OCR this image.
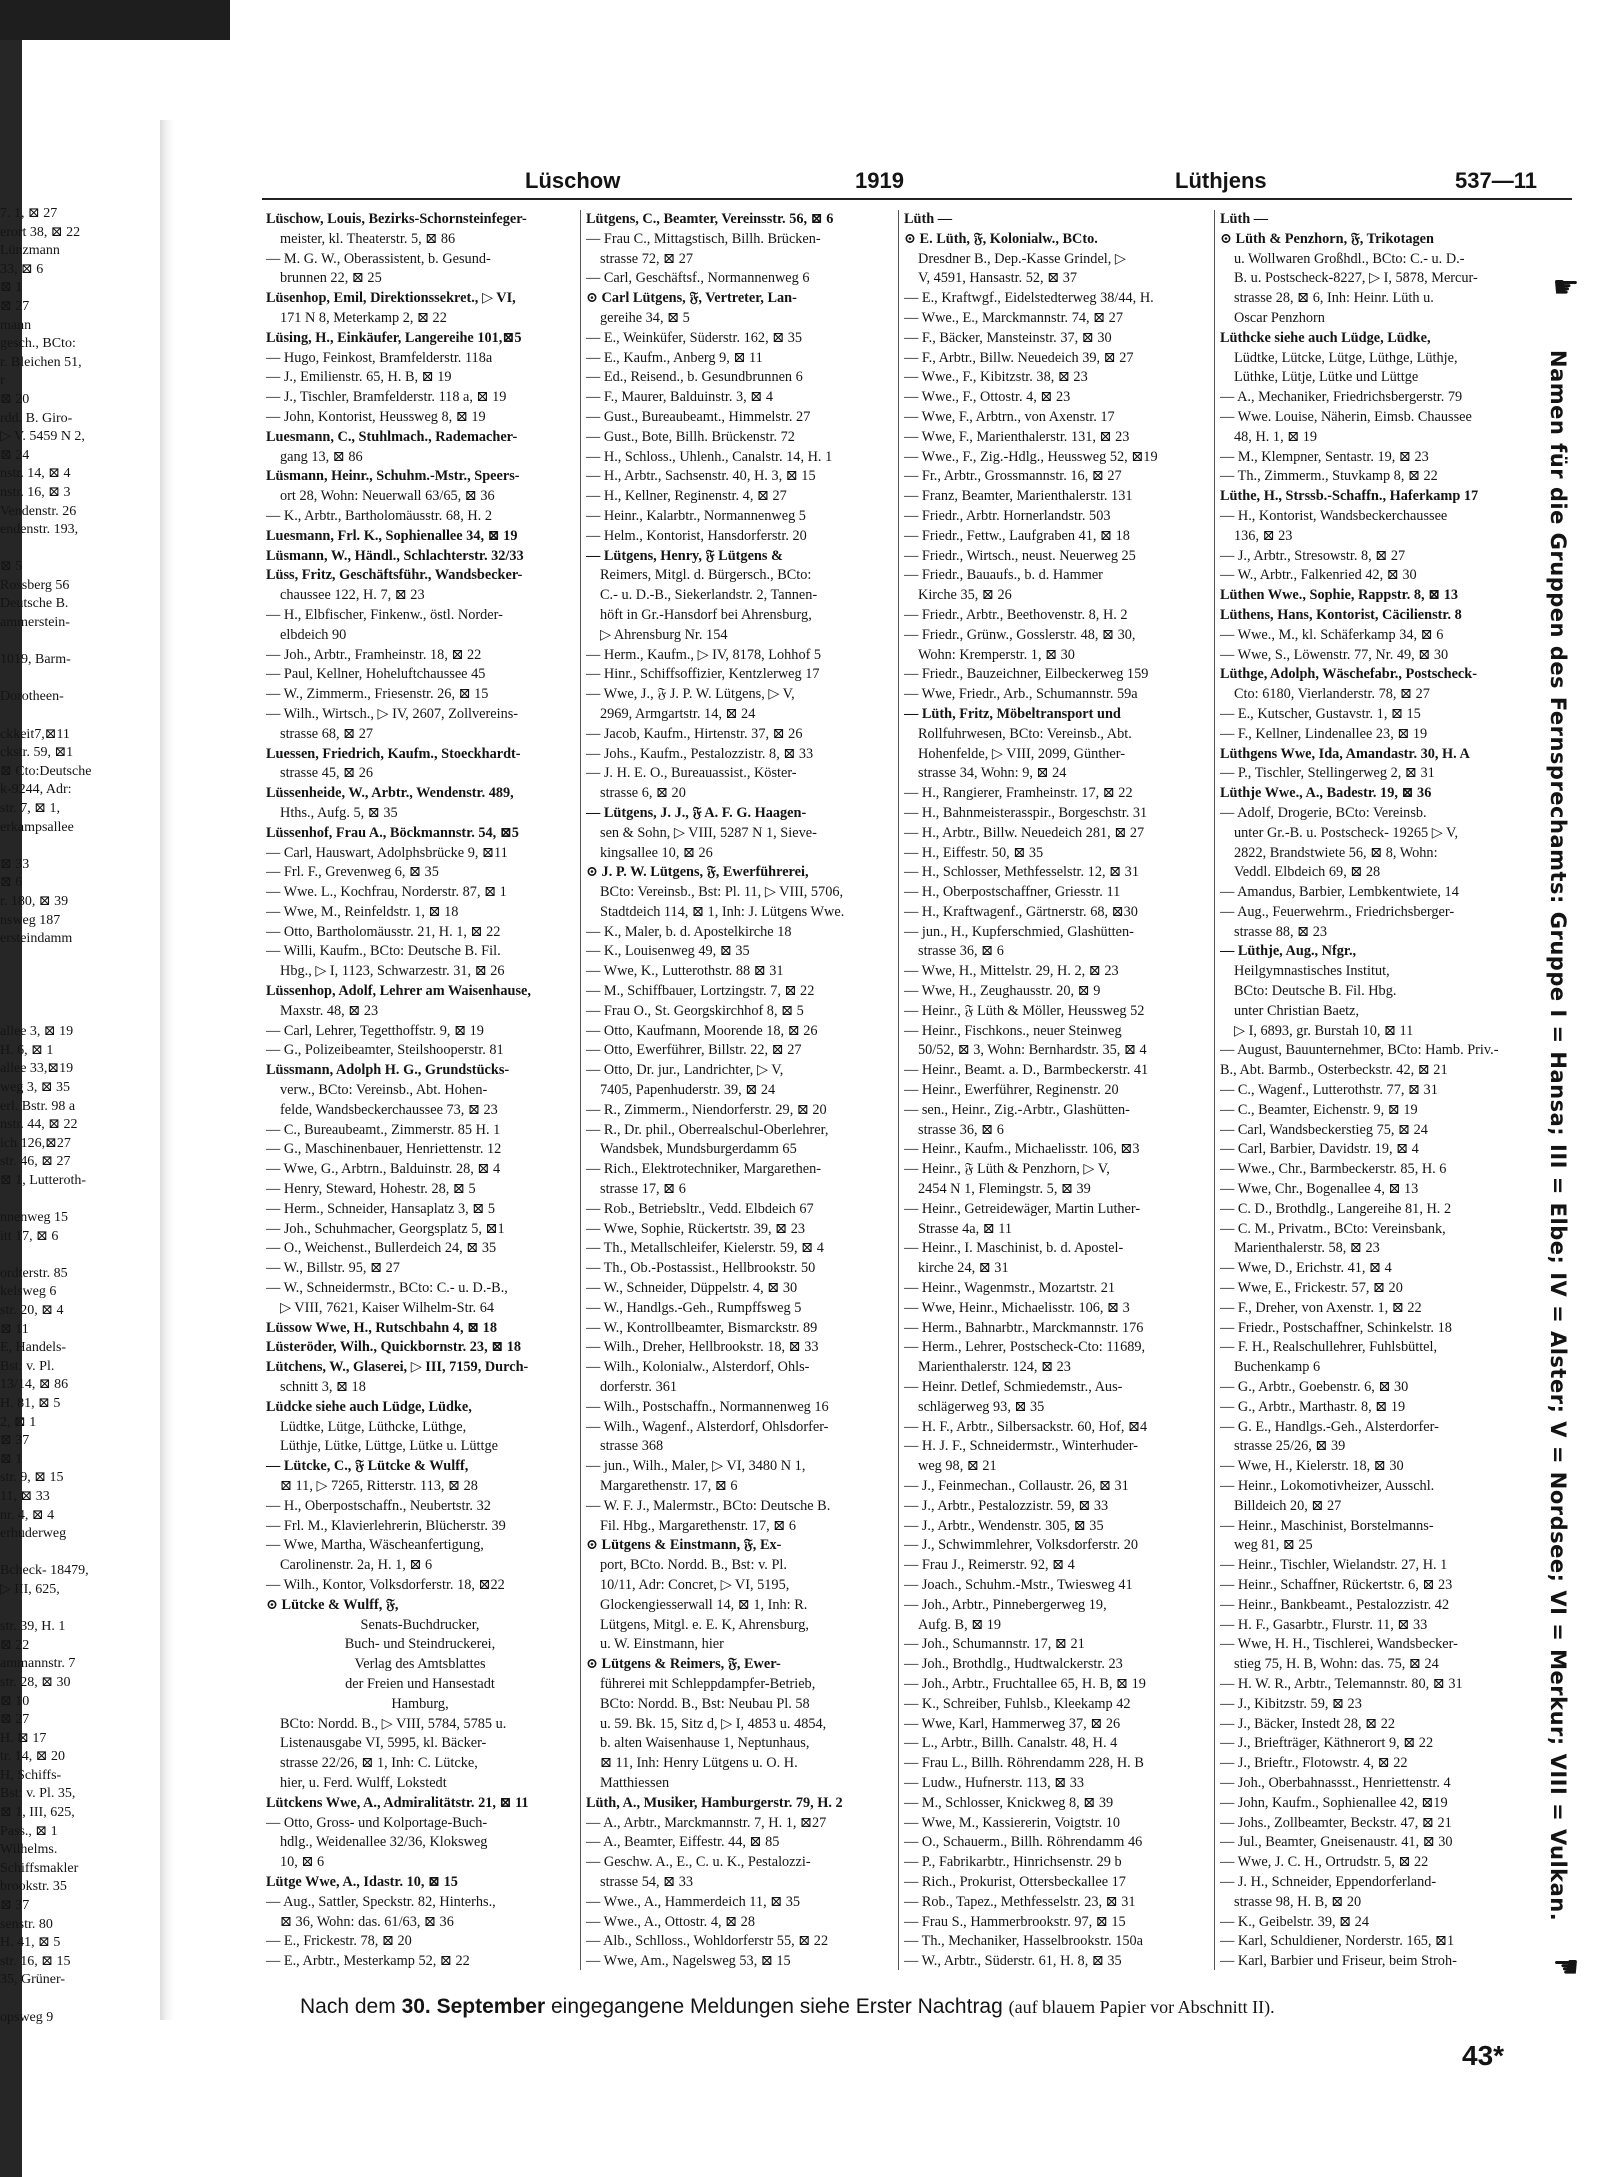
7. 1, ⊠ 27
erort 38, ⊠ 22
Lünzmann
33, ⊠ 6
⊠ 1
⊠ 27
mann
gesch., BCto:
r. Bleichen 51,
r
⊠ 20
rdd. B. Giro-
▷ V. 5459 N 2,
⊠ 24
nstr. 14, ⊠ 4
nstr. 16, ⊠ 3
Vendenstr. 26
endenstr. 193,

⊠ 5
Rossberg 56
Deutsche B.
ammerstein-

1019, Barm-

Dorotheen-

ckkeit7,⊠11
ckstr. 59, ⊠1
⊠ Cto:Deutsche
k-9244, Adr:
str. 7, ⊠ 1,
erkampsallee

⊠ 33
⊠ 6
r. 180, ⊠ 39
nsweg 187
ersteindamm

allee 3, ⊠ 19
H. 6, ⊠ 1
allee 33,⊠19
weg 3, ⊠ 35
erl. Bstr. 98 a
nstr. 44, ⊠ 22
ich 126,⊠27
str. 46, ⊠ 27
⊠ 1, Lutteroth-

nnenweg 15
itt 17, ⊠ 6

ordterstr. 85
kelsweg 6
str. 20, ⊠ 4
⊠ 11
E, Handels-
Bst: v. Pl.
13/14, ⊠ 86
H. 81, ⊠ 5
2, ⊠ 1
⊠ 37
⊠ 1
str. 9, ⊠ 15
11, ⊠ 33
nr. 4, ⊠ 4
erhuderweg

Bcheck- 18479,
▷ III, 625,

str. 39, H. 1
⊠ 22
ammannstr. 7
str. 28, ⊠ 30
⊠ 10
⊠ 27
H. ⊠ 17
tr. 14, ⊠ 20
H, Schiffs-
Bst: v. Pl. 35,
⊠ 1, III, 625,
Pass., ⊠ 1
Wilhelms.
Schiffsmakler
brookstr. 35
⊠ 37
senstr. 80
H. 41, ⊠ 5
str. 16, ⊠ 15
35, Grüner-

opsweg 9

Lüschow	1919	Lüthjens	537—11
Lüschow, Louis, Bezirks-Schornsteinfeger-
meister, kl. Theaterstr. 5, ⊠ 86
— M. G. W., Oberassistent, b. Gesund-
brunnen 22, ⊠ 25
Lüsenhop, Emil, Direktionssekret., ▷ VI,
171 N 8, Meterkamp 2, ⊠ 22
Lüsing, H., Einkäufer, Langereihe 101,⊠5
— Hugo, Feinkost, Bramfelderstr. 118a
— J., Emilienstr. 65, H. B, ⊠ 19
— J., Tischler, Bramfelderstr. 118 a, ⊠ 19
— John, Kontorist, Heussweg 8, ⊠ 19
Luesmann, C., Stuhlmach., Rademacher-
gang 13, ⊠ 86
Lüsmann, Heinr., Schuhm.-Mstr., Speers-
ort 28, Wohn: Neuerwall 63/65, ⊠ 36
— K., Arbtr., Bartholomäusstr. 68, H. 2
Luesmann, Frl. K., Sophienallee 34, ⊠ 19
Lüsmann, W., Händl., Schlachterstr. 32/33
Lüss, Fritz, Geschäftsführ., Wandsbecker-
chaussee 122, H. 7, ⊠ 23
— H., Elbfischer, Finkenw., östl. Norder-
elbdeich 90
— Joh., Arbtr., Framheinstr. 18, ⊠ 22
— Paul, Kellner, Hoheluftchaussee 45
— W., Zimmerm., Friesenstr. 26, ⊠ 15
— Wilh., Wirtsch., ▷ IV, 2607, Zollvereins-
strasse 68, ⊠ 27
Luessen, Friedrich, Kaufm., Stoeckhardt-
strasse 45, ⊠ 26
Lüssenheide, W., Arbtr., Wendenstr. 489,
Hths., Aufg. 5, ⊠ 35
Lüssenhof, Frau A., Böckmannstr. 54, ⊠5
— Carl, Hauswart, Adolphsbrücke 9, ⊠11
— Frl. F., Grevenweg 6, ⊠ 35
— Wwe. L., Kochfrau, Norderstr. 87, ⊠ 1
— Wwe, M., Reinfeldstr. 1, ⊠ 18
— Otto, Bartholomäusstr. 21, H. 1, ⊠ 22
— Willi, Kaufm., BCto: Deutsche B. Fil.
Hbg., ▷ I, 1123, Schwarzestr. 31, ⊠ 26
Lüssenhop, Adolf, Lehrer am Waisenhause,
Maxstr. 48, ⊠ 23
— Carl, Lehrer, Tegetthoffstr. 9, ⊠ 19
— G., Polizeibeamter, Steilshooperstr. 81
Lüssmann, Adolph H. G., Grundstücks-
verw., BCto: Vereinsb., Abt. Hohen-
felde, Wandsbeckerchaussee 73, ⊠ 23
— C., Bureaubeamt., Zimmerstr. 85 H. 1
— G., Maschinenbauer, Henriettenstr. 12
— Wwe, G., Arbtrn., Balduinstr. 28, ⊠ 4
— Henry, Steward, Hohestr. 28, ⊠ 5
— Herm., Schneider, Hansaplatz 3, ⊠ 5
— Joh., Schuhmacher, Georgsplatz 5, ⊠1
— O., Weichenst., Bullerdeich 24, ⊠ 35
— W., Billstr. 95, ⊠ 27
— W., Schneidermstr., BCto: C.- u. D.-B.,
▷ VIII, 7621, Kaiser Wilhelm-Str. 64
Lüssow Wwe, H., Rutschbahn 4, ⊠ 18
Lüsteröder, Wilh., Quickbornstr. 23, ⊠ 18
Lütchens, W., Glaserei, ▷ III, 7159, Durch-
schnitt 3, ⊠ 18
Lüdcke siehe auch Lüdge, Lüdke,
Lüdtke, Lütge, Lüthcke, Lüthge,
Lüthje, Lütke, Lüttge, Lütke u. Lüttge
— Lütcke, C., 𝔉 Lütcke & Wulff,
⊠ 11, ▷ 7265, Ritterstr. 113, ⊠ 28
— H., Oberpostschaffn., Neubertstr. 32
— Frl. M., Klavierlehrerin, Blücherstr. 39
— Wwe, Martha, Wäscheanfertigung,
Carolinenstr. 2a, H. 1, ⊠ 6
— Wilh., Kontor, Volksdorferstr. 18, ⊠22
⊙ Lütcke & Wulff, 𝔉,
Senats-Buchdrucker,
Buch- und Steindruckerei,
Verlag des Amtsblattes
der Freien und Hansestadt
Hamburg,
BCto: Nordd. B., ▷ VIII, 5784, 5785 u.
Listenausgabe VI, 5995, kl. Bäcker-
strasse 22/26, ⊠ 1, Inh: C. Lütcke,
hier, u. Ferd. Wulff, Lokstedt
Lütckens Wwe, A., Admiralitätstr. 21, ⊠ 11
— Otto, Gross- und Kolportage-Buch-
hdlg., Weidenallee 32/36, Kloksweg
10, ⊠ 6
Lütge Wwe, A., Idastr. 10, ⊠ 15
— Aug., Sattler, Speckstr. 82, Hinterhs.,
⊠ 36, Wohn: das. 61/63, ⊠ 36
— E., Frickestr. 78, ⊠ 20
— E., Arbtr., Mesterkamp 52, ⊠ 22
Lütgens, C., Beamter, Vereinsstr. 56, ⊠ 6
— Frau C., Mittagstisch, Billh. Brücken-
strasse 72, ⊠ 27
— Carl, Geschäftsf., Normannenweg 6
⊙ Carl Lütgens, 𝔉, Vertreter, Lan-
gereihe 34, ⊠ 5
— E., Weinküfer, Süderstr. 162, ⊠ 35
— E., Kaufm., Anberg 9, ⊠ 11
— Ed., Reisend., b. Gesundbrunnen 6
— F., Maurer, Balduinstr. 3, ⊠ 4
— Gust., Bureaubeamt., Himmelstr. 27
— Gust., Bote, Billh. Brückenstr. 72
— H., Schloss., Uhlenh., Canalstr. 14, H. 1
— H., Arbtr., Sachsenstr. 40, H. 3, ⊠ 15
— H., Kellner, Reginenstr. 4, ⊠ 27
— Heinr., Kalarbtr., Normannenweg 5
— Helm., Kontorist, Hansdorferstr. 20
— Lütgens, Henry, 𝔉 Lütgens &
Reimers, Mitgl. d. Bürgersch., BCto:
C.- u. D.-B., Siekerlandstr. 2, Tannen-
höft in Gr.-Hansdorf bei Ahrensburg,
▷ Ahrensburg Nr. 154
— Herm., Kaufm., ▷ IV, 8178, Lohhof 5
— Hinr., Schiffsoffizier, Kentzlerweg 17
— Wwe, J., 𝔉 J. P. W. Lütgens, ▷ V,
2969, Armgartstr. 14, ⊠ 24
— Jacob, Kaufm., Hirtenstr. 37, ⊠ 26
— Johs., Kaufm., Pestalozzistr. 8, ⊠ 33
— J. H. E. O., Bureauassist., Köster-
strasse 6, ⊠ 20
— Lütgens, J. J., 𝔉 A. F. G. Haagen-
sen & Sohn, ▷ VIII, 5287 N 1, Sieve-
kingsallee 10, ⊠ 26
⊙ J. P. W. Lütgens, 𝔉, Ewerführerei,
BCto: Vereinsb., Bst: Pl. 11, ▷ VIII, 5706,
Stadtdeich 114, ⊠ 1, Inh: J. Lütgens Wwe.
— K., Maler, b. d. Apostelkirche 18
— K., Louisenweg 49, ⊠ 35
— Wwe, K., Lutterothstr. 88 ⊠ 31
— M., Schiffbauer, Lortzingstr. 7, ⊠ 22
— Frau O., St. Georgskirchhof 8, ⊠ 5
— Otto, Kaufmann, Moorende 18, ⊠ 26
— Otto, Ewerführer, Billstr. 22, ⊠ 27
— Otto, Dr. jur., Landrichter, ▷ V,
7405, Papenhuderstr. 39, ⊠ 24
— R., Zimmerm., Niendorferstr. 29, ⊠ 20
— R., Dr. phil., Oberrealschul-Oberlehrer,
Wandsbek, Mundsburgerdamm 65
— Rich., Elektrotechniker, Margarethen-
strasse 17, ⊠ 6
— Rob., Betriebsltr., Vedd. Elbdeich 67
— Wwe, Sophie, Rückertstr. 39, ⊠ 23
— Th., Metallschleifer, Kielerstr. 59, ⊠ 4
— Th., Ob.-Postassist., Hellbrookstr. 50
— W., Schneider, Düppelstr. 4, ⊠ 30
— W., Handlgs.-Geh., Rumpffsweg 5
— W., Kontrollbeamter, Bismarckstr. 89
— Wilh., Dreher, Hellbrookstr. 18, ⊠ 33
— Wilh., Kolonialw., Alsterdorf, Ohls-
dorferstr. 361
— Wilh., Postschaffn., Normannenweg 16
— Wilh., Wagenf., Alsterdorf, Ohlsdorfer-
strasse 368
— jun., Wilh., Maler, ▷ VI, 3480 N 1,
Margarethenstr. 17, ⊠ 6
— W. F. J., Malermstr., BCto: Deutsche B.
Fil. Hbg., Margarethenstr. 17, ⊠ 6
⊙ Lütgens & Einstmann, 𝔉, Ex-
port, BCto. Nordd. B., Bst: v. Pl.
10/11, Adr: Concret, ▷ VI, 5195,
Glockengiesserwall 14, ⊠ 1, Inh: R.
Lütgens, Mitgl. e. E. K, Ahrensburg,
u. W. Einstmann, hier
⊙ Lütgens & Reimers, 𝔉, Ewer-
führerei mit Schleppdampfer-Betrieb,
BCto: Nordd. B., Bst: Neubau Pl. 58
u. 59. Bk. 15, Sitz d, ▷ I, 4853 u. 4854,
b. alten Waisenhause 1, Neptunhaus,
⊠ 11, Inh: Henry Lütgens u. O. H.
Matthiessen
Lüth, A., Musiker, Hamburgerstr. 79, H. 2
— A., Arbtr., Marckmannstr. 7, H. 1, ⊠27
— A., Beamter, Eiffestr. 44, ⊠ 85
— Geschw. A., E., C. u. K., Pestalozzi-
strasse 54, ⊠ 33
— Wwe., A., Hammerdeich 11, ⊠ 35
— Wwe., A., Ottostr. 4, ⊠ 28
— Alb., Schlloss., Wohldorferstr 55, ⊠ 22
— Wwe, Am., Nagelsweg 53, ⊠ 15
Lüth —
⊙ E. Lüth, 𝔉, Kolonialw., BCto.
Dresdner B., Dep.-Kasse Grindel, ▷
V, 4591, Hansastr. 52, ⊠ 37
— E., Kraftwgf., Eidelstedterweg 38/44, H.
— Wwe., E., Marckmannstr. 74, ⊠ 27
— F., Bäcker, Mansteinstr. 37, ⊠ 30
— F., Arbtr., Billw. Neuedeich 39, ⊠ 27
— Wwe., F., Kibitzstr. 38, ⊠ 23
— Wwe., F., Ottostr. 4, ⊠ 23
— Wwe, F., Arbtrn., von Axenstr. 17
— Wwe, F., Marienthalerstr. 131, ⊠ 23
— Wwe., F., Zig.-Hdlg., Heussweg 52, ⊠19
— Fr., Arbtr., Grossmannstr. 16, ⊠ 27
— Franz, Beamter, Marienthalerstr. 131
— Friedr., Arbtr. Hornerlandstr. 503
— Friedr., Fettw., Laufgraben 41, ⊠ 18
— Friedr., Wirtsch., neust. Neuerweg 25
— Friedr., Bauaufs., b. d. Hammer
Kirche 35, ⊠ 26
— Friedr., Arbtr., Beethovenstr. 8, H. 2
— Friedr., Grünw., Gosslerstr. 48, ⊠ 30,
Wohn: Kremperstr. 1, ⊠ 30
— Friedr., Bauzeichner, Eilbeckerweg 159
— Wwe, Friedr., Arb., Schumannstr. 59a
— Lüth, Fritz, Möbeltransport und
Rollfuhrwesen, BCto: Vereinsb., Abt.
Hohenfelde, ▷ VIII, 2099, Günther-
strasse 34, Wohn: 9, ⊠ 24
— H., Rangierer, Framheinstr. 17, ⊠ 22
— H., Bahnmeisterasspir., Borgeschstr. 31
— H., Arbtr., Billw. Neuedeich 281, ⊠ 27
— H., Eiffestr. 50, ⊠ 35
— H., Schlosser, Methfesselstr. 12, ⊠ 31
— H., Oberpostschaffner, Griesstr. 11
— H., Kraftwagenf., Gärtnerstr. 68, ⊠30
— jun., H., Kupferschmied, Glashütten-
strasse 36, ⊠ 6
— Wwe, H., Mittelstr. 29, H. 2, ⊠ 23
— Wwe, H., Zeughausstr. 20, ⊠ 9
— Heinr., 𝔉 Lüth & Möller, Heussweg 52
— Heinr., Fischkons., neuer Steinweg
50/52, ⊠ 3, Wohn: Bernhardstr. 35, ⊠ 4
— Heinr., Beamt. a. D., Barmbeckerstr. 41
— Heinr., Ewerführer, Reginenstr. 20
— sen., Heinr., Zig.-Arbtr., Glashütten-
strasse 36, ⊠ 6
— Heinr., Kaufm., Michaelisstr. 106, ⊠3
— Heinr., 𝔉 Lüth & Penzhorn, ▷ V,
2454 N 1, Flemingstr. 5, ⊠ 39
— Heinr., Getreidewäger, Martin Luther-
Strasse 4a, ⊠ 11
— Heinr., I. Maschinist, b. d. Apostel-
kirche 24, ⊠ 31
— Heinr., Wagenmstr., Mozartstr. 21
— Wwe, Heinr., Michaelisstr. 106, ⊠ 3
— Herm., Bahnarbtr., Marckmannstr. 176
— Herm., Lehrer, Postscheck-Cto: 11689,
Marienthalerstr. 124, ⊠ 23
— Heinr. Detlef, Schmiedemstr., Aus-
schlägerweg 93, ⊠ 35
— H. F., Arbtr., Silbersackstr. 60, Hof, ⊠4
— H. J. F., Schneidermstr., Winterhuder-
weg 98, ⊠ 21
— J., Feinmechan., Collaustr. 26, ⊠ 31
— J., Arbtr., Pestalozzistr. 59, ⊠ 33
— J., Arbtr., Wendenstr. 305, ⊠ 35
— J., Schwimmlehrer, Volksdorferstr. 20
— Frau J., Reimerstr. 92, ⊠ 4
— Joach., Schuhm.-Mstr., Twiesweg 41
— Joh., Arbtr., Pinnebergerweg 19,
Aufg. B, ⊠ 19
— Joh., Schumannstr. 17, ⊠ 21
— Joh., Brothdlg., Hudtwalckerstr. 23
— Joh., Arbtr., Fruchtallee 65, H. B, ⊠ 19
— K., Schreiber, Fuhlsb., Kleekamp 42
— Wwe, Karl, Hammerweg 37, ⊠ 26
— L., Arbtr., Billh. Canalstr. 48, H. 4
— Frau L., Billh. Röhrendamm 228, H. B
— Ludw., Hufnerstr. 113, ⊠ 33
— M., Schlosser, Knickweg 8, ⊠ 39
— Wwe, M., Kassiererin, Voigtstr. 10
— O., Schauerm., Billh. Röhrendamm 46
— P., Fabrikarbtr., Hinrichsenstr. 29 b
— Rich., Prokurist, Ottersbeckallee 17
— Rob., Tapez., Methfesselstr. 23, ⊠ 31
— Frau S., Hammerbrookstr. 97, ⊠ 15
— Th., Mechaniker, Hasselbrookstr. 150a
— W., Arbtr., Süderstr. 61, H. 8, ⊠ 35
Lüth —
⊙ Lüth & Penzhorn, 𝔉, Trikotagen
u. Wollwaren Großhdl., BCto: C.- u. D.-
B. u. Postscheck-8227, ▷ I, 5878, Mercur-
strasse 28, ⊠ 6, Inh: Heinr. Lüth u.
Oscar Penzhorn
Lüthcke siehe auch Lüdge, Lüdke,
Lüdtke, Lütcke, Lütge, Lüthge, Lüthje,
Lüthke, Lütje, Lütke und Lüttge
— A., Mechaniker, Friedrichsbergerstr. 79
— Wwe. Louise, Näherin, Eimsb. Chaussee
48, H. 1, ⊠ 19
— M., Klempner, Sentastr. 19, ⊠ 23
— Th., Zimmerm., Stuvkamp 8, ⊠ 22
Lüthe, H., Strssb.-Schaffn., Haferkamp 17
— H., Kontorist, Wandsbeckerchaussee
136, ⊠ 23
— J., Arbtr., Stresowstr. 8, ⊠ 27
— W., Arbtr., Falkenried 42, ⊠ 30
Lüthen Wwe., Sophie, Rappstr. 8, ⊠ 13
Lüthens, Hans, Kontorist, Cäcilienstr. 8
— Wwe., M., kl. Schäferkamp 34, ⊠ 6
— Wwe, S., Löwenstr. 77, Nr. 49, ⊠ 30
Lüthge, Adolph, Wäschefabr., Postscheck-
Cto: 6180, Vierlanderstr. 78, ⊠ 27
— E., Kutscher, Gustavstr. 1, ⊠ 15
— F., Kellner, Lindenallee 23, ⊠ 19
Lüthgens Wwe, Ida, Amandastr. 30, H. A
— P., Tischler, Stellingerweg 2, ⊠ 31
Lüthje Wwe., A., Badestr. 19, ⊠ 36
— Adolf, Drogerie, BCto: Vereinsb.
unter Gr.-B. u. Postscheck- 19265 ▷ V,
2822, Brandstwiete 56, ⊠ 8, Wohn:
Veddl. Elbdeich 69, ⊠ 28
— Amandus, Barbier, Lembkentwiete, 14
— Aug., Feuerwehrm., Friedrichsberger-
strasse 88, ⊠ 23
— Lüthje, Aug., Nfgr.,
Heilgymnastisches Institut,
BCto: Deutsche B. Fil. Hbg.
unter Christian Baetz,
▷ I, 6893, gr. Burstah 10, ⊠ 11
— August, Bauunternehmer, BCto: Hamb. Priv.-
B., Abt. Barmb., Osterbeckstr. 42, ⊠ 21
— C., Wagenf., Lutterothstr. 77, ⊠ 31
— C., Beamter, Eichenstr. 9, ⊠ 19
— Carl, Wandsbeckerstieg 75, ⊠ 24
— Carl, Barbier, Davidstr. 19, ⊠ 4
— Wwe., Chr., Barmbeckerstr. 85, H. 6
— Wwe, Chr., Bogenallee 4, ⊠ 13
— C. D., Brothdlg., Langereihe 81, H. 2
— C. M., Privatm., BCto: Vereinsbank,
Marienthalerstr. 58, ⊠ 23
— Wwe, D., Erichstr. 41, ⊠ 4
— Wwe, E., Frickestr. 57, ⊠ 20
— F., Dreher, von Axenstr. 1, ⊠ 22
— Friedr., Postschaffner, Schinkelstr. 18
— F. H., Realschullehrer, Fuhlsbüttel,
Buchenkamp 6
— G., Arbtr., Goebenstr. 6, ⊠ 30
— G., Arbtr., Marthastr. 8, ⊠ 19
— G. E., Handlgs.-Geh., Alsterdorfer-
strasse 25/26, ⊠ 39
— Wwe, H., Kielerstr. 18, ⊠ 30
— Heinr., Lokomotivheizer, Ausschl.
Billdeich 20, ⊠ 27
— Heinr., Maschinist, Borstelmanns-
weg 81, ⊠ 25
— Heinr., Tischler, Wielandstr. 27, H. 1
— Heinr., Schaffner, Rückertstr. 6, ⊠ 23
— Heinr., Bankbeamt., Pestalozzistr. 42
— H. F., Gasarbtr., Flurstr. 11, ⊠ 33
— Wwe, H. H., Tischlerei, Wandsbecker-
stieg 75, H. B, Wohn: das. 75, ⊠ 24
— H. W. R., Arbtr., Telemannstr. 80, ⊠ 31
— J., Kibitzstr. 59, ⊠ 23
— J., Bäcker, Instedt 28, ⊠ 22
— J., Briefträger, Käthnerort 9, ⊠ 22
— J., Brieftr., Flotowstr. 4, ⊠ 22
— Joh., Oberbahnassst., Henriettenstr. 4
— John, Kaufm., Sophienallee 42, ⊠19
— Johs., Zollbeamter, Beckstr. 47, ⊠ 21
— Jul., Beamter, Gneisenaustr. 41, ⊠ 30
— Wwe, J. C. H., Ortrudstr. 5, ⊠ 22
— J. H., Schneider, Eppendorferland-
strasse 98, H. B, ⊠ 20
— K., Geibelstr. 39, ⊠ 24
— Karl, Schuldiener, Norderstr. 165, ⊠1
— Karl, Barbier und Friseur, beim Stroh-
☛
Namen für die Gruppen des Fernsprechamts: Gruppe I = Hansa; III = Elbe; IV = Alster; V = Nordsee; VI = Merkur; VIII = Vulkan.
☚
Nach dem 30. September eingegangene Meldungen siehe Erster Nachtrag (auf blauem Papier vor Abschnitt II).
43*
